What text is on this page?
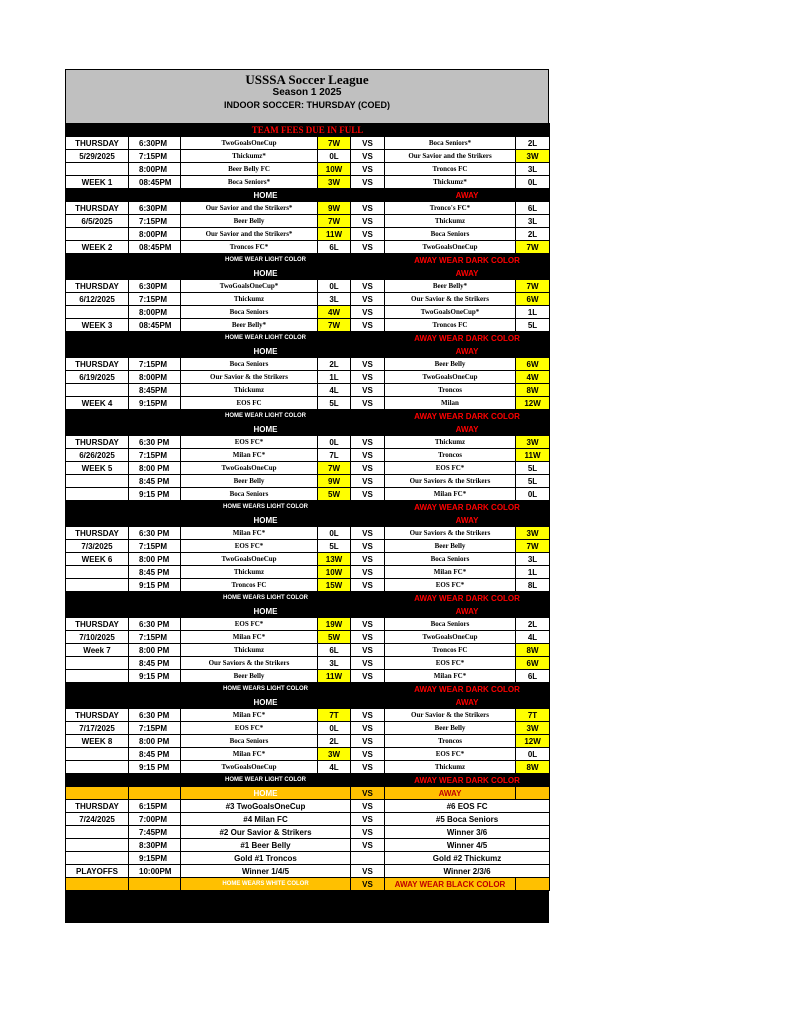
USSSA Soccer League
Season 1 2025
INDOOR SOCCER: THURSDAY (COED)
TEAM FEES DUE IN FULL						
THURSDAY	6:30PM	TwoGoalsOneCup	7W	VS	Boca Seniors*	2L
5/29/2025	7:15PM	Thickumz*	0L	VS	Our Savior and the Strikers	3W
	8:00PM	Beer Belly FC	10W	VS	Troncos FC	3L
WEEK 1	08:45PM	Boca Seniors*	3W	VS	Thickumz*	0L
		HOME			AWAY	
THURSDAY	6:30PM	Our Savior and the Strikers*	9W	VS	Tronco's FC*	6L
6/5/2025	7:15PM	Beer Belly	7W	VS	Thickumz	3L
	8:00PM	Our Savior and the Strikers*	11W	VS	Boca Seniors	2L
WEEK 2	08:45PM	Troncos FC*	6L	VS	TwoGoalsOneCup	7W
		HOME WEAR LIGHT COLOR			AWAY WEAR DARK COLOR	
		HOME			AWAY	
THURSDAY	6:30PM	TwoGoalsOneCup*	0L	VS	Beer Belly*	7W
6/12/2025	7:15PM	Thickumz	3L	VS	Our Savior & the Strikers	6W
	8:00PM	Boca Seniors	4W	VS	TwoGoalsOneCup*	1L
WEEK 3	08:45PM	Beer Belly*	7W	VS	Troncos FC	5L
		HOME WEAR LIGHT COLOR			AWAY WEAR DARK COLOR	
		HOME			AWAY	
THURSDAY	7:15PM	Boca Seniors	2L	VS	Beer Belly	6W
6/19/2025	8:00PM	Our Savior & the Strikers	1L	VS	TwoGoalsOneCup	4W
	8:45PM	Thickumz	4L	VS	Troncos	8W
WEEK 4	9:15PM	EOS FC	5L	VS	Milan	12W
		HOME WEAR LIGHT COLOR			AWAY WEAR DARK COLOR	
		HOME			AWAY	
THURSDAY	6:30 PM	EOS FC*	0L	VS	Thickumz	3W
6/26/2025	7:15PM	Milan FC*	7L	VS	Troncos	11W
WEEK 5	8:00 PM	TwoGoalsOneCup	7W	VS	EOS FC*	5L
	8:45 PM	Beer Belly	9W	VS	Our Saviors & the Strikers	5L
	9:15 PM	Boca Seniors	5W	VS	Milan FC*	0L
		HOME WEARS LIGHT COLOR			AWAY WEAR DARK COLOR	
		HOME			AWAY	
THURSDAY	6:30 PM	Milan FC*	0L	VS	Our Saviors & the Strikers	3W
7/3/2025	7:15PM	EOS FC*	5L	VS	Beer Belly	7W
WEEK 6	8:00 PM	TwoGoalsOneCup	13W	VS	Boca Seniors	3L
	8:45 PM	Thickumz	10W	VS	Milan FC*	1L
	9:15 PM	Troncos FC	15W	VS	EOS FC*	8L
		HOME WEARS LIGHT COLOR			AWAY WEAR DARK COLOR	
		HOME			AWAY	
THURSDAY	6:30 PM	EOS FC*	19W	VS	Boca Seniors	2L
7/10/2025	7:15PM	Milan FC*	5W	VS	TwoGoalsOneCup	4L
Week 7	8:00 PM	Thickumz	6L	VS	Troncos FC	8W
	8:45 PM	Our Saviors & the Strikers	3L	VS	EOS FC*	6W
	9:15 PM	Beer Belly	11W	VS	Milan FC*	6L
		HOME WEARS LIGHT COLOR			AWAY WEAR DARK COLOR	
		HOME			AWAY	
THURSDAY	6:30 PM	Milan FC*	7T	VS	Our Savior & the Strikers	7T
7/17/2025	7:15PM	EOS FC*	0L	VS	Beer Belly	3W
WEEK 8	8:00 PM	Boca Seniors	2L	VS	Troncos	12W
	8:45 PM	Milan FC*	3W	VS	EOS FC*	0L
	9:15 PM	TwoGoalsOneCup	4L	VS	Thickumz	8W
		HOME WEAR LIGHT COLOR			AWAY WEAR DARK COLOR	
		HOME		VS	AWAY	
THURSDAY	6:15PM	#3 TwoGoalsOneCup		VS	#6 EOS FC	
7/24/2025	7:00PM	#4 Milan FC		VS	#5 Boca Seniors	
	7:45PM	#2 Our Savior & Strikers		VS	Winner 3/6	
	8:30PM	#1 Beer Belly		VS	Winner 4/5	
	9:15PM	Gold #1 Troncos			Gold #2 Thickumz	
PLAYOFFS	10:00PM	Winner 1/4/5		VS	Winner 2/3/6	
		HOME WEARS WHITE COLOR		VS	AWAY WEAR BLACK COLOR	
